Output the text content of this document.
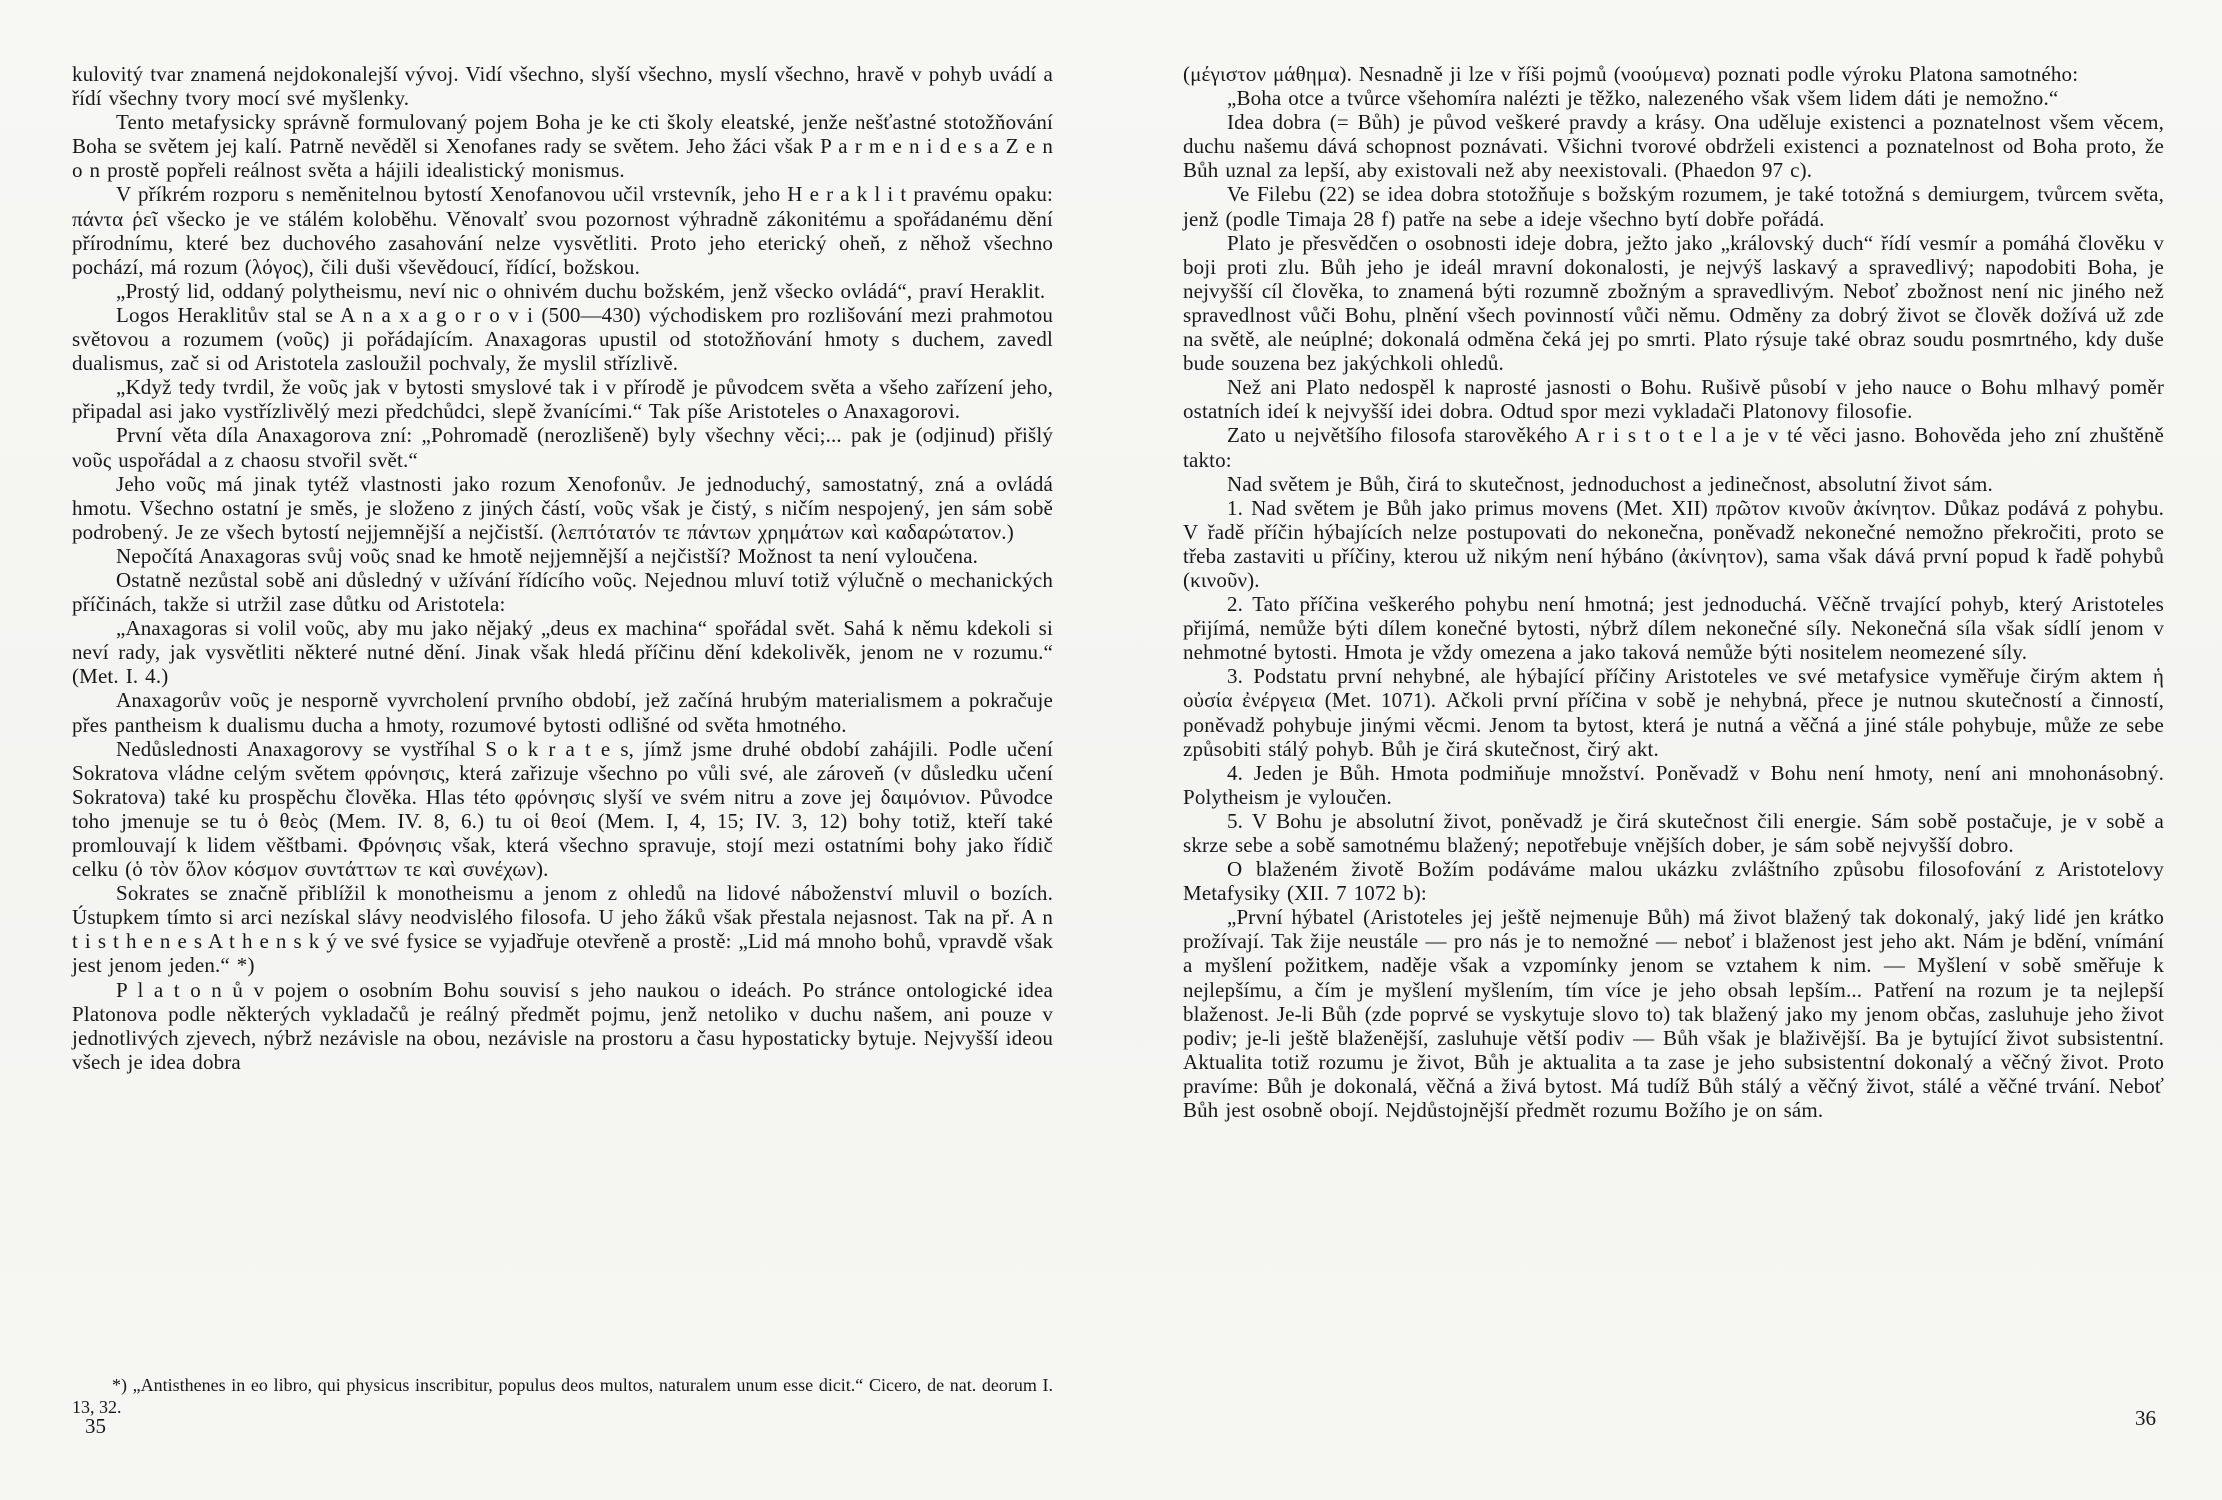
kulovitý tvar znamená nejdokonalejší vývoj. Vidí všechno, slyší všechno, myslí všechno, hravě v pohyb uvádí a řídí všechny tvory mocí své myšlenky.

Tento metafysicky správně formulovaný pojem Boha je ke cti školy eleatské, jenže nešťastné stotožňování Boha se světem jej kalí. Patrně nevěděl si Xenofanes rady se světem. Jeho žáci však P a r m e n i d e s a Z e n o n prostě popřeli reálnost světa a hájili idealistický monismus.

V příkrém rozporu s neměnitelnou bytostí Xenofanovou učil vrstevník, jeho H e r a k l i t pravému opaku: πάντα ῥεῖ všecko je ve stálém koloběhu. Věnovalť svou pozornost výhradně zákonitému a spořádanému dění přírodnímu, které bez duchového zasahování nelze vysvětliti. Proto jeho eterický oheň, z něhož všechno pochází, má rozum (λόγος), čili duši vševědoucí, řídící, božskou.

„Prostý lid, oddaný polytheismu, neví nic o ohnivém duchu božském, jenž všecko ovládá“, praví Heraklit.

Logos Heraklitův stal se A n a x a g o r o v i (500—430) východiskem pro rozlišování mezi prahmotou světovou a rozumem (νοῦς) ji pořádajícím. Anaxagoras upustil od stotožňování hmoty s duchem, zavedl dualismus, zač si od Aristotela zasloužil pochvaly, že myslil střízlivě.

„Když tedy tvrdil, že νοῦς jak v bytosti smyslové tak i v přírodě je původcem světa a všeho zařízení jeho, připadal asi jako vystřízlivělý mezi předchůdci, slepě žvanícími.“ Tak píše Aristoteles o Anaxagorovi.

První věta díla Anaxagorova zní: „Pohromadě (nerozlišeně) byly všechny věci;... pak je (odjinud) přišlý νοῦς uspořádal a z chaosu stvořil svět.“

Jeho νοῦς má jinak tytéž vlastnosti jako rozum Xenofonův. Je jednoduchý, samostatný, zná a ovládá hmotu. Všechno ostatní je směs, je složeno z jiných částí, νοῦς však je čistý, s ničím nespojený, jen sám sobě podrobený. Je ze všech bytostí nejjemnější a nejčistší. (λεπτότατόν τε πάντων χρημάτων καὶ καδαρώτατον.)

Nepočítá Anaxagoras svůj νοῦς snad ke hmotě nejjemnější a nejčistší? Možnost ta není vyloučena.

Ostatně nezůstal sobě ani důsledný v užívání řídícího νοῦς. Nejednou mluví totiž výlučně o mechanických příčinách, takže si utržil zase důtku od Aristotela:

„Anaxagoras si volil νοῦς, aby mu jako nějaký „deus ex machina“ spořádal svět. Sahá k němu kdekoli si neví rady, jak vysvětliti některé nutné dění. Jinak však hledá příčinu dění kdekolivěk, jenom ne v rozumu.“ (Met. I. 4.)

Anaxagorův νοῦς je nesporně vyvrcholení prvního období, jež začíná hrubým materialismem a pokračuje přes pantheism k dualismu ducha a hmoty, rozumové bytosti odlišné od světa hmotného.

Nedůslednosti Anaxagorovy se vystříhal S o k r a t e s, jímž jsme druhé období zahájili. Podle učení Sokratova vládne celým světem φρόνησις, která zařizuje všechno po vůli své, ale zároveň (v důsledku učení Sokratova) také ku prospěchu člověka. Hlas této φρόνησις slyší ve svém nitru a zove jej δαιμόνιον. Původce toho jmenuje se tu ὁ θεὸς (Mem. IV. 8, 6.) tu οἱ θεοί (Mem. I, 4, 15; IV. 3, 12) bohy totiž, kteří také promlouvají k lidem věštbami. Φρόνησις však, která všechno spravuje, stojí mezi ostatními bohy jako řídič celku (ὁ τὸν ὅλον κόσμον συντάττων τε καὶ συνέχων).

Sokrates se značně přiblížil k monotheismu a jenom z ohledů na lidové náboženství mluvil o bozích. Ústupkem tímto si arci nezískal slávy neodvislého filosofa. U jeho žáků však přestala nejasnost. Tak na př. A n t i s t h e n e s A t h e n s k ý ve své fysice se vyjadřuje otevřeně a prostě: „Lid má mnoho bohů, vpravdě však jest jenom jeden.“ *)

P l a t o n ů v pojem o osobním Bohu souvisí s jeho naukou o ideách. Po stránce ontologické idea Platonova podle některých vykladačů je reálný předmět pojmu, jenž netoliko v duchu našem, ani pouze v jednotlivých zjevech, nýbrž nezávisle na obou, nezávisle na prostoru a času hypostaticky bytuje. Nejvyšší ideou všech je idea dobra

*) „Antisthenes in eo libro, qui physicus inscribitur, populus deos multos, naturalem unum esse dicit.“ Cicero, de nat. deorum I. 13, 32.

35

(μέγιστον μάθημα). Nesnadně ji lze v říši pojmů (νοούμενα) poznati podle výroku Platona samotného:

„Boha otce a tvůrce všehomíra nalézti je těžko, nalezeného však všem lidem dáti je nemožno.“

Idea dobra (= Bůh) je původ veškeré pravdy a krásy. Ona uděluje existenci a poznatelnost všem věcem, duchu našemu dává schopnost poznávati. Všichni tvorové obdrželi existenci a poznatelnost od Boha proto, že Bůh uznal za lepší, aby existovali než aby neexistovali. (Phaedon 97 c).

Ve Filebu (22) se idea dobra stotožňuje s božským rozumem, je také totožná s demiurgem, tvůrcem světa, jenž (podle Timaja 28 f) patře na sebe a ideje všechno bytí dobře pořádá.

Plato je přesvědčen o osobnosti ideje dobra, ježto jako „královský duch“ řídí vesmír a pomáhá člověku v boji proti zlu. Bůh jeho je ideál mravní dokonalosti, je nejvýš laskavý a spravedlivý; napodobiti Boha, je nejvyšší cíl člověka, to znamená býti rozumně zbožným a spravedlivým. Neboť zbožnost není nic jiného než spravedlnost vůči Bohu, plnění všech povinností vůči němu. Odměny za dobrý život se člověk dožívá už zde na světě, ale neúplné; dokonalá odměna čeká jej po smrti. Plato rýsuje také obraz soudu posmrtného, kdy duše bude souzena bez jakýchkoli ohledů.

Než ani Plato nedospěl k naprosté jasnosti o Bohu. Rušivě působí v jeho nauce o Bohu mlhavý poměr ostatních ideí k nejvyšší idei dobra. Odtud spor mezi vykladači Platonovy filosofie.

Zato u největšího filosofa starověkého A r i s t o t e l a je v té věci jasno. Bohověda jeho zní zhuštěně takto:

Nad světem je Bůh, čirá to skutečnost, jednoduchost a jedinečnost, absolutní život sám.

1. Nad světem je Bůh jako primus movens (Met. XII) πρῶτον κινοῦν ἀκίνητον. Důkaz podává z pohybu. V řadě příčin hýbajících nelze postupovati do nekonečna, poněvadž nekonečné nemožno překročiti, proto se třeba zastaviti u příčiny, kterou už nikým není hýbáno (ἀκίνητον), sama však dává první popud k řadě pohybů (κινοῦν).

2. Tato příčina veškerého pohybu není hmotná; jest jednoduchá. Věčně trvající pohyb, který Aristoteles přijímá, nemůže býti dílem konečné bytosti, nýbrž dílem nekonečné síly. Nekonečná síla však sídlí jenom v nehmotné bytosti. Hmota je vždy omezena a jako taková nemůže býti nositelem neomezené síly.

3. Podstatu první nehybné, ale hýbající příčiny Aristoteles ve své metafysice vyměřuje čirým aktem ἡ οὐσία ἐνέργεια (Met. 1071). Ačkoli první příčina v sobě je nehybná, přece je nutnou skutečností a činností, poněvadž pohybuje jinými věcmi. Jenom ta bytost, která je nutná a věčná a jiné stále pohybuje, může ze sebe způsobiti stálý pohyb. Bůh je čirá skutečnost, čirý akt.

4. Jeden je Bůh. Hmota podmiňuje množství. Poněvadž v Bohu není hmoty, není ani mnohonásobný. Polytheism je vyloučen.

5. V Bohu je absolutní život, poněvadž je čirá skutečnost čili energie. Sám sobě postačuje, je v sobě a skrze sebe a sobě samotnému blažený; nepotřebuje vnějších dober, je sám sobě nejvyšší dobro.

O blaženém životě Božím podáváme malou ukázku zvláštního způsobu filosofování z Aristotelovy Metafysiky (XII. 7 1072 b):

„První hýbatel (Aristoteles jej ještě nejmenuje Bůh) má život blažený tak dokonalý, jaký lidé jen krátko prožívají. Tak žije neustále — pro nás je to nemožné — neboť i blaženost jest jeho akt. Nám je bdění, vnímání a myšlení požitkem, naděje však a vzpomínky jenom se vztahem k nim. — Myšlení v sobě směřuje k nejlepšímu, a čím je myšlení myšlením, tím více je jeho obsah lepším... Patření na rozum je ta nejlepší blaženost. Je-li Bůh (zde poprvé se vyskytuje slovo to) tak blažený jako my jenom občas, zasluhuje jeho život podiv; je-li ještě blaženější, zasluhuje větší podiv — Bůh však je blaživější. Ba je bytující život subsistentní. Aktualita totiž rozumu je život, Bůh je aktualita a ta zase je jeho subsistentní dokonalý a věčný život. Proto pravíme: Bůh je dokonalá, věčná a živá bytost. Má tudíž Bůh stálý a věčný život, stálé a věčné trvání. Neboť Bůh jest osobně obojí. Nejdůstojnější předmět rozumu Božího je on sám.

36
